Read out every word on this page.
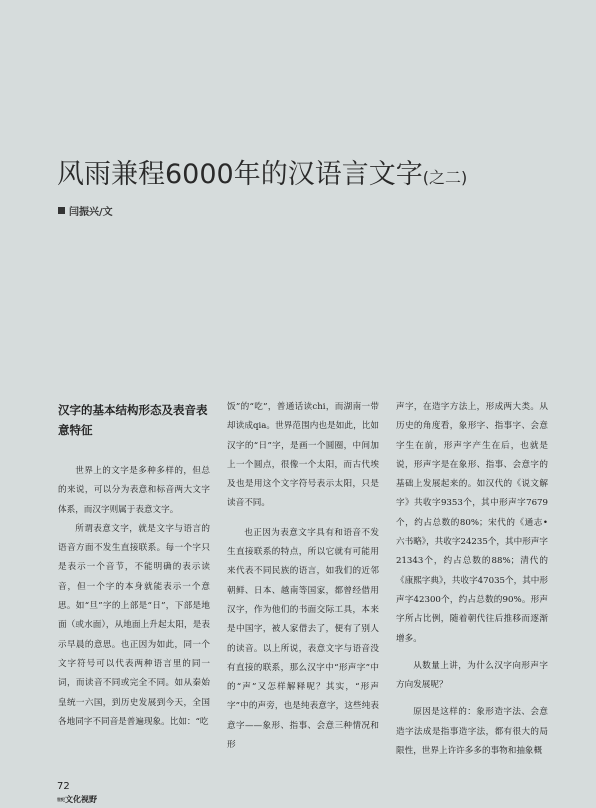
风雨兼程6000年的汉语言文字(之二)
闫振兴/文
汉字的基本结构形态及表音表意特征

世界上的文字是多种多样的，但总的来说，可以分为表意和标音两大文字体系，而汉字则属于表意文字。

所谓表意文字，就是文字与语言的语音方面不发生直接联系。每一个字只是表示一个音节，不能明确的表示读音，但一个字的本身就能表示一个意思。如“旦”字的上部是“日”，下部是地面（或水面），从地面上升起太阳，是表示早晨的意思。也正因为如此，同一个文字符号可以代表两种语言里的同一词，而读音不同或完全不同。如从秦始皇统一六国，到历史发展到今天，全国各地同字不同音是普遍现象。比如：“吃

饭”的“吃”，普通话读chi，而湖南一带却读成qia。世界范围内也是如此，比如汉字的“日”字，是画一个圆圈，中间加上一个圆点，很像一个太阳，而古代埃及也是用这个文字符号表示太阳，只是读音不同。

也正因为表意文字具有和语音不发生直接联系的特点，所以它就有可能用来代表不同民族的语言，如我们的近邻朝鲜、日本、越南等国家，都曾经借用汉字，作为他们的书面交际工具，本来是中国字，被人家借去了，便有了别人的读音。以上所说，表意文字与语音没有直接的联系，那么汉字中“形声字”中的“声”又怎样解释呢？其实，“形声字”中的声旁，也是纯表意字，这些纯表意字——象形、指事、会意三种情况和形

声字，在造字方法上，形成两大类。从历史的角度看，象形字、指事字、会意字生在前，形声字产生在后，也就是说，形声字是在象形、指事、会意字的基础上发展起来的。如汉代的《说文解字》共收字9353个，其中形声字7679个，约占总数的80%；宋代的《通志•六书略》，共收字24235个，其中形声字21343个，约占总数的88%；清代的《康熙字典》，共收字47035个，其中形声字42300个，约占总数的90%。形声字所占比例，随着朝代往后推移而逐渐增多。

从数量上讲，为什么汉字向形声字方向发展呢？

原因是这样的：象形造字法、会意造字法成是指事造字法，都有很大的局限性，世界上许许多多的事物和抽象概

72
世纪文化视野
